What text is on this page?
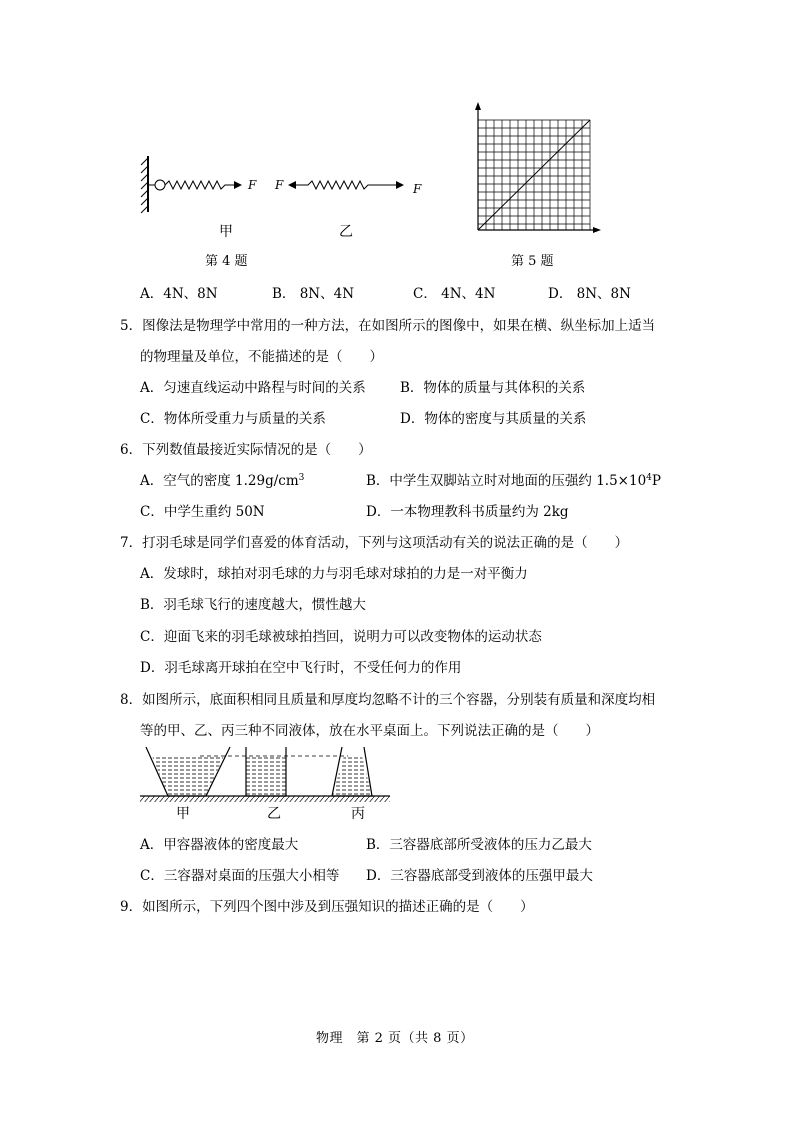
F F	F
甲	乙
第 4 题	第 5 题
A．4N、8N	B． 8N、4N	C． 4N、4N	D． 8N、8N
5．图像法是物理学中常用的一种方法，在如图所示的图像中，如果在横、纵坐标加上适当
的物理量及单位，不能描述的是（　　）
A．匀速直线运动中路程与时间的关系	B．物体的质量与其体积的关系
C．物体所受重力与质量的关系	D．物体的密度与其质量的关系
6．下列数值最接近实际情况的是（　　）
A．空气的密度 $1.29g/cm^3$	B．中学生双脚站立时对地面的压强约 $1.5\times 10^4P$
C．中学生重约 50N	D．一本物理教科书质量约为 2kg
7．打羽毛球是同学们喜爱的体育活动，下列与这项活动有关的说法正确的是（　　）
A．发球时，球拍对羽毛球的力与羽毛球对球拍的力是一对平衡力
B．羽毛球飞行的速度越大，惯性越大
C．迎面飞来的羽毛球被球拍挡回，说明力可以改变物体的运动状态
D．羽毛球离开球拍在空中飞行时，不受任何力的作用
8．如图所示，底面积相同且质量和厚度均忽略不计的三个容器，分别装有质量和深度均相
等的甲、乙、丙三种不同液体，放在水平桌面上。下列说法正确的是（　　）
甲	乙	丙
A．甲容器液体的密度最大	B．三容器底部所受液体的压力乙最大
C．三容器对桌面的压强大小相等 D．三容器底部受到液体的压强甲最大
9．如图所示，下列四个图中涉及到压强知识的描述正确的是（　　）
物理　第 2 页（共 8 页）
